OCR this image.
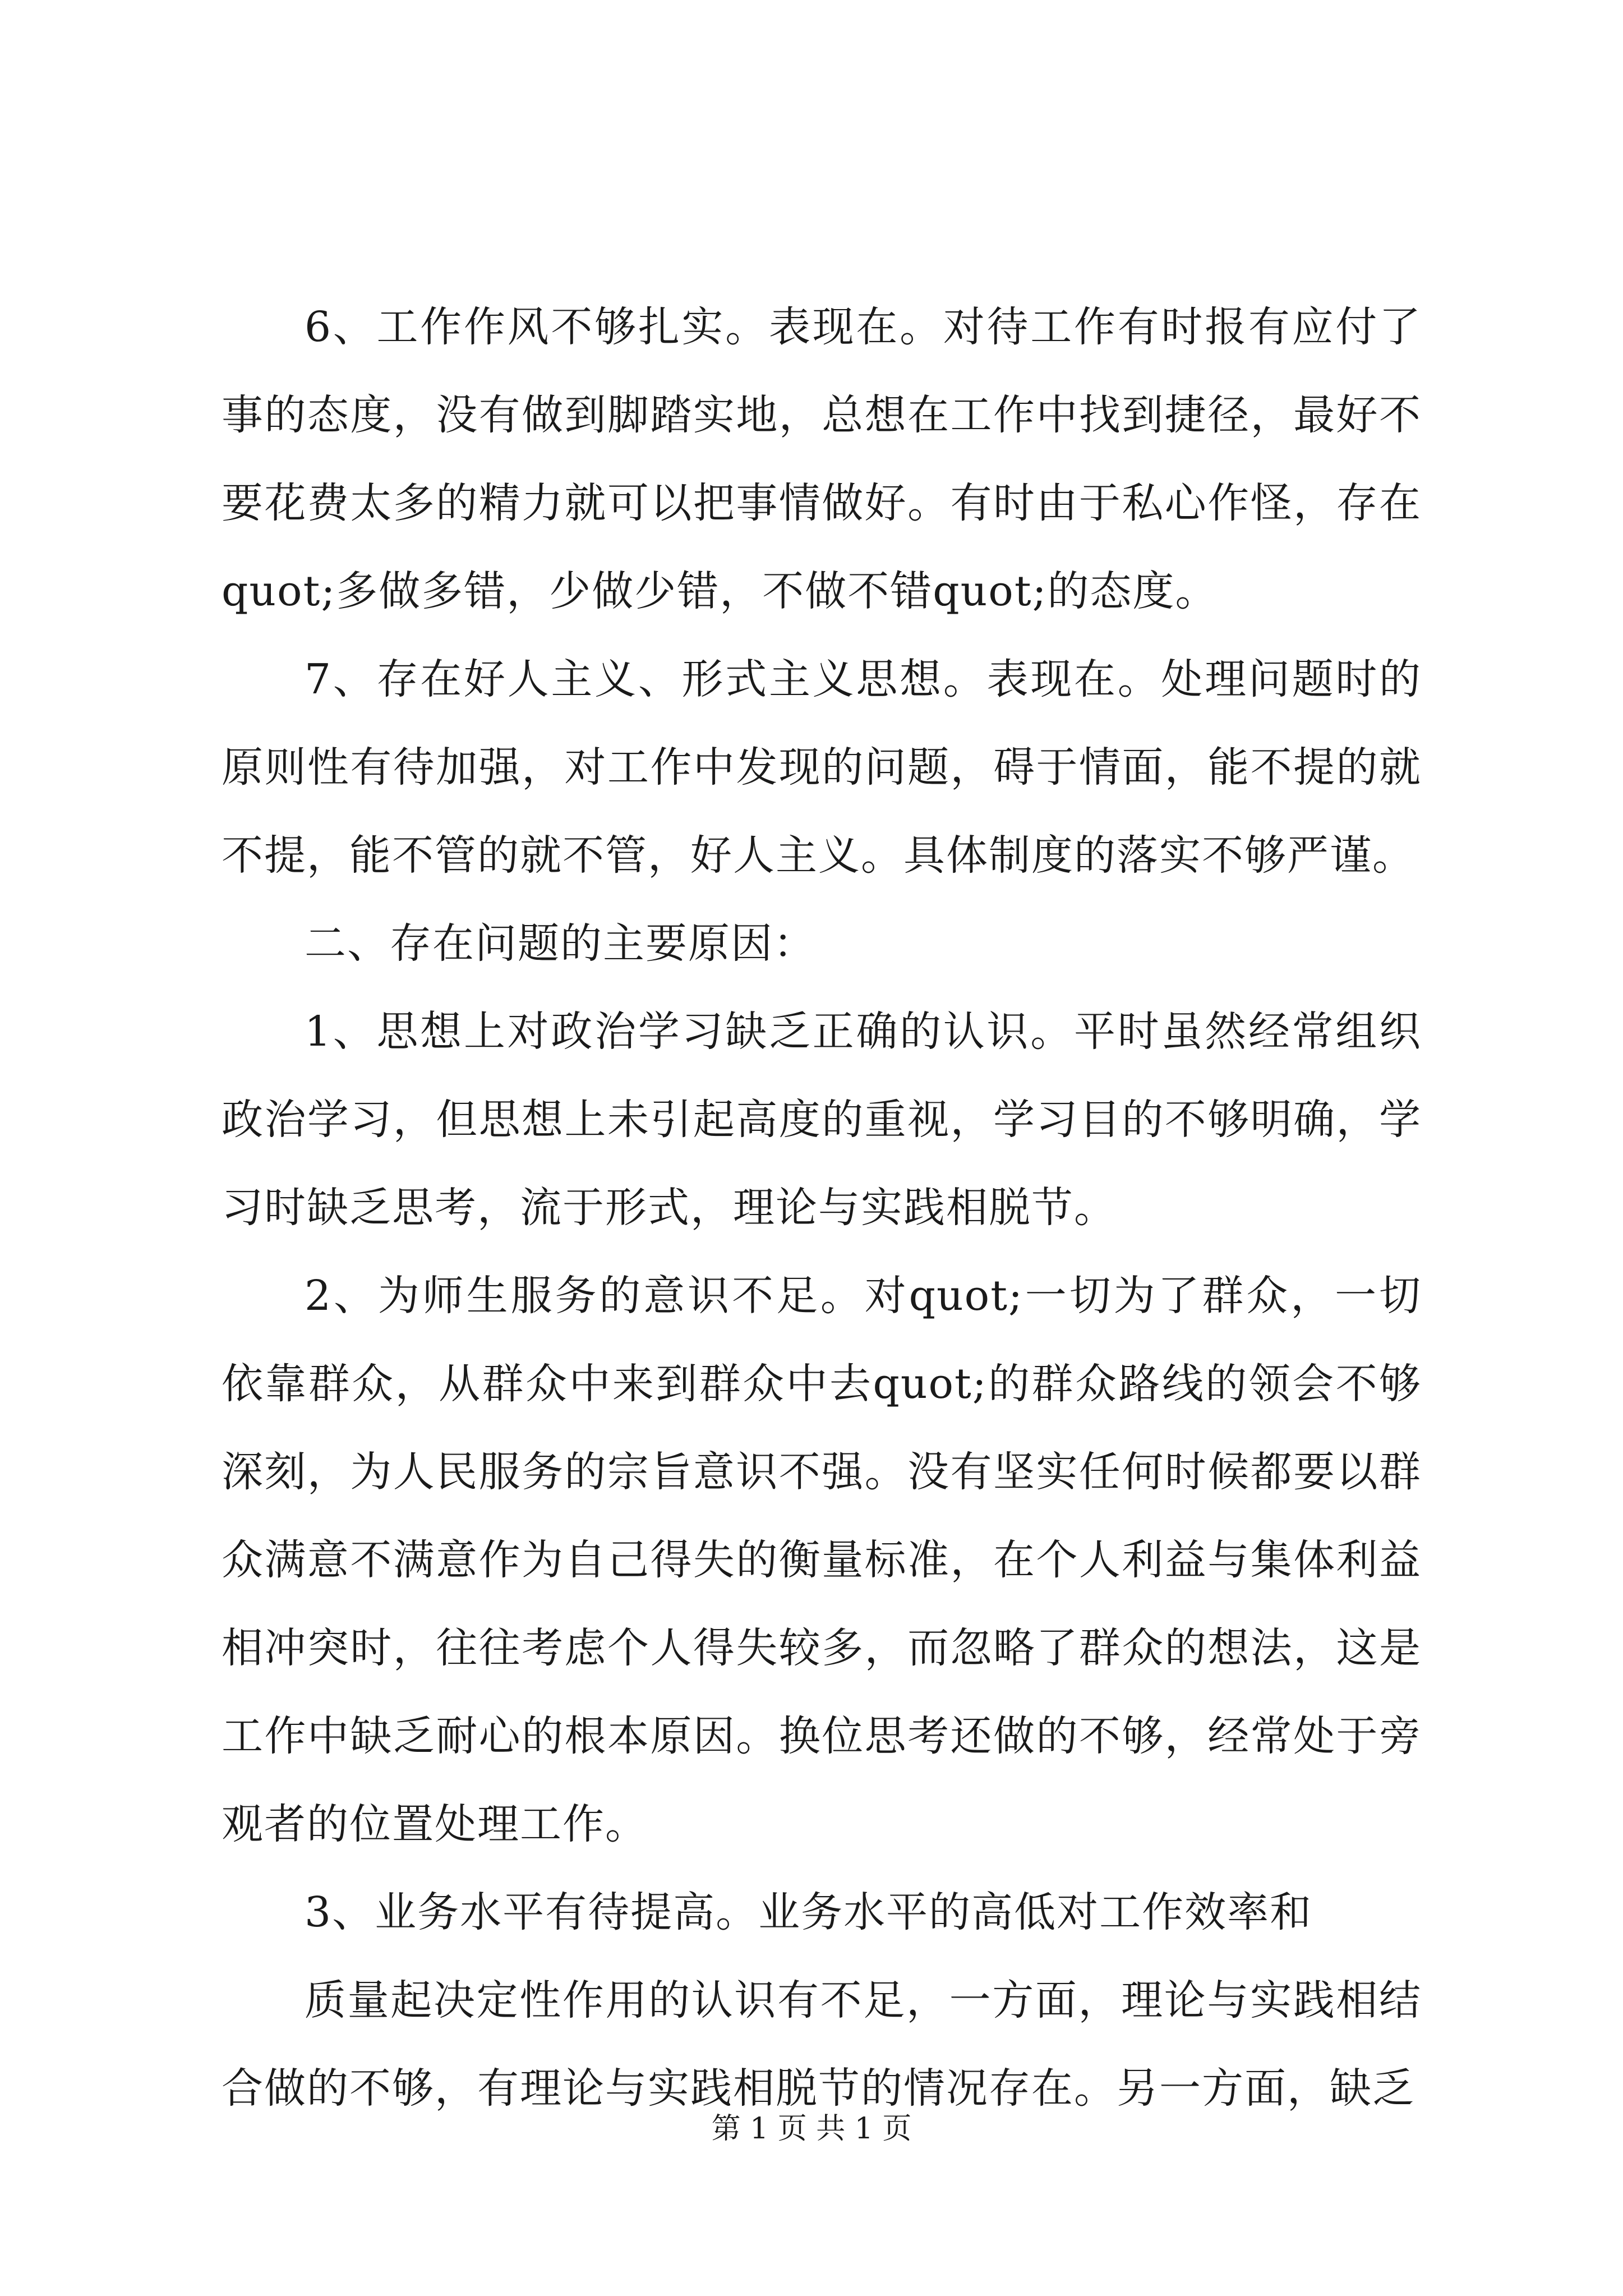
6、工作作风不够扎实。表现在。对待工作有时报有应付了事的态度，没有做到脚踏实地，总想在工作中找到捷径，最好不要花费太多的精力就可以把事情做好。有时由于私心作怪，存在quot;多做多错，少做少错，不做不错quot;的态度。

7、存在好人主义、形式主义思想。表现在。处理问题时的原则性有待加强，对工作中发现的问题，碍于情面，能不提的就不提，能不管的就不管，好人主义。具体制度的落实不够严谨。

二、存在问题的主要原因：

1、思想上对政治学习缺乏正确的认识。平时虽然经常组织政治学习，但思想上未引起高度的重视，学习目的不够明确，学习时缺乏思考，流于形式，理论与实践相脱节。

2、为师生服务的意识不足。对quot;一切为了群众，一切依靠群众，从群众中来到群众中去quot;的群众路线的领会不够深刻，为人民服务的宗旨意识不强。没有坚实任何时候都要以群众满意不满意作为自己得失的衡量标准，在个人利益与集体利益相冲突时，往往考虑个人得失较多，而忽略了群众的想法，这是工作中缺乏耐心的根本原因。换位思考还做的不够，经常处于旁观者的位置处理工作。

3、业务水平有待提高。业务水平的高低对工作效率和

质量起决定性作用的认识有不足，一方面，理论与实践相结合做的不够，有理论与实践相脱节的情况存在。另一方面，缺乏

第 1 页 共 1 页
